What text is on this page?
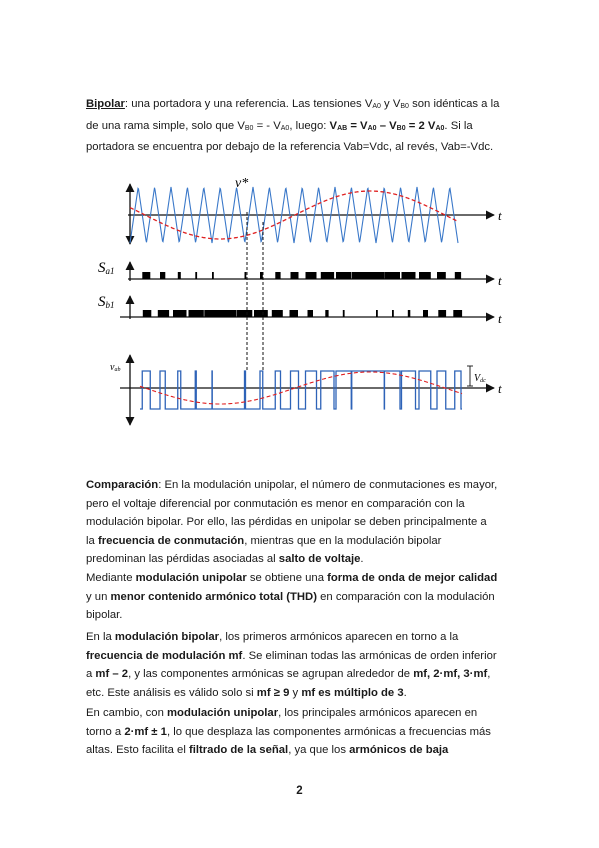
Bipolar: una portadora y una referencia. Las tensiones VA0 y VB0 son idénticas a la
de una rama simple, solo que VB0 = - VA0, luego: VAB = VA0 – VB0 = 2 VA0. Si la
portadora se encuentra por debajo de la referencia Vab=Vdc, al revés, Vab=-Vdc.
v*
t
t
t
t
Sa1
Sb1
vab
Vdc
Comparación: En la modulación unipolar, el número de conmutaciones es mayor,
pero el voltaje diferencial por conmutación es menor en comparación con la
modulación bipolar. Por ello, las pérdidas en unipolar se deben principalmente a
la frecuencia de conmutación, mientras que en la modulación bipolar
predominan las pérdidas asociadas al salto de voltaje.
Mediante modulación unipolar se obtiene una forma de onda de mejor calidad
y un menor contenido armónico total (THD) en comparación con la modulación
bipolar.
En la modulación bipolar, los primeros armónicos aparecen en torno a la
frecuencia de modulación mf. Se eliminan todas las armónicas de orden inferior
a mf – 2, y las componentes armónicas se agrupan alrededor de mf, 2·mf, 3·mf,
etc. Este análisis es válido solo si mf ≥ 9 y mf es múltiplo de 3.
En cambio, con modulación unipolar, los principales armónicos aparecen en
torno a 2·mf ± 1, lo que desplaza las componentes armónicas a frecuencias más
altas. Esto facilita el filtrado de la señal, ya que los armónicos de baja
2
